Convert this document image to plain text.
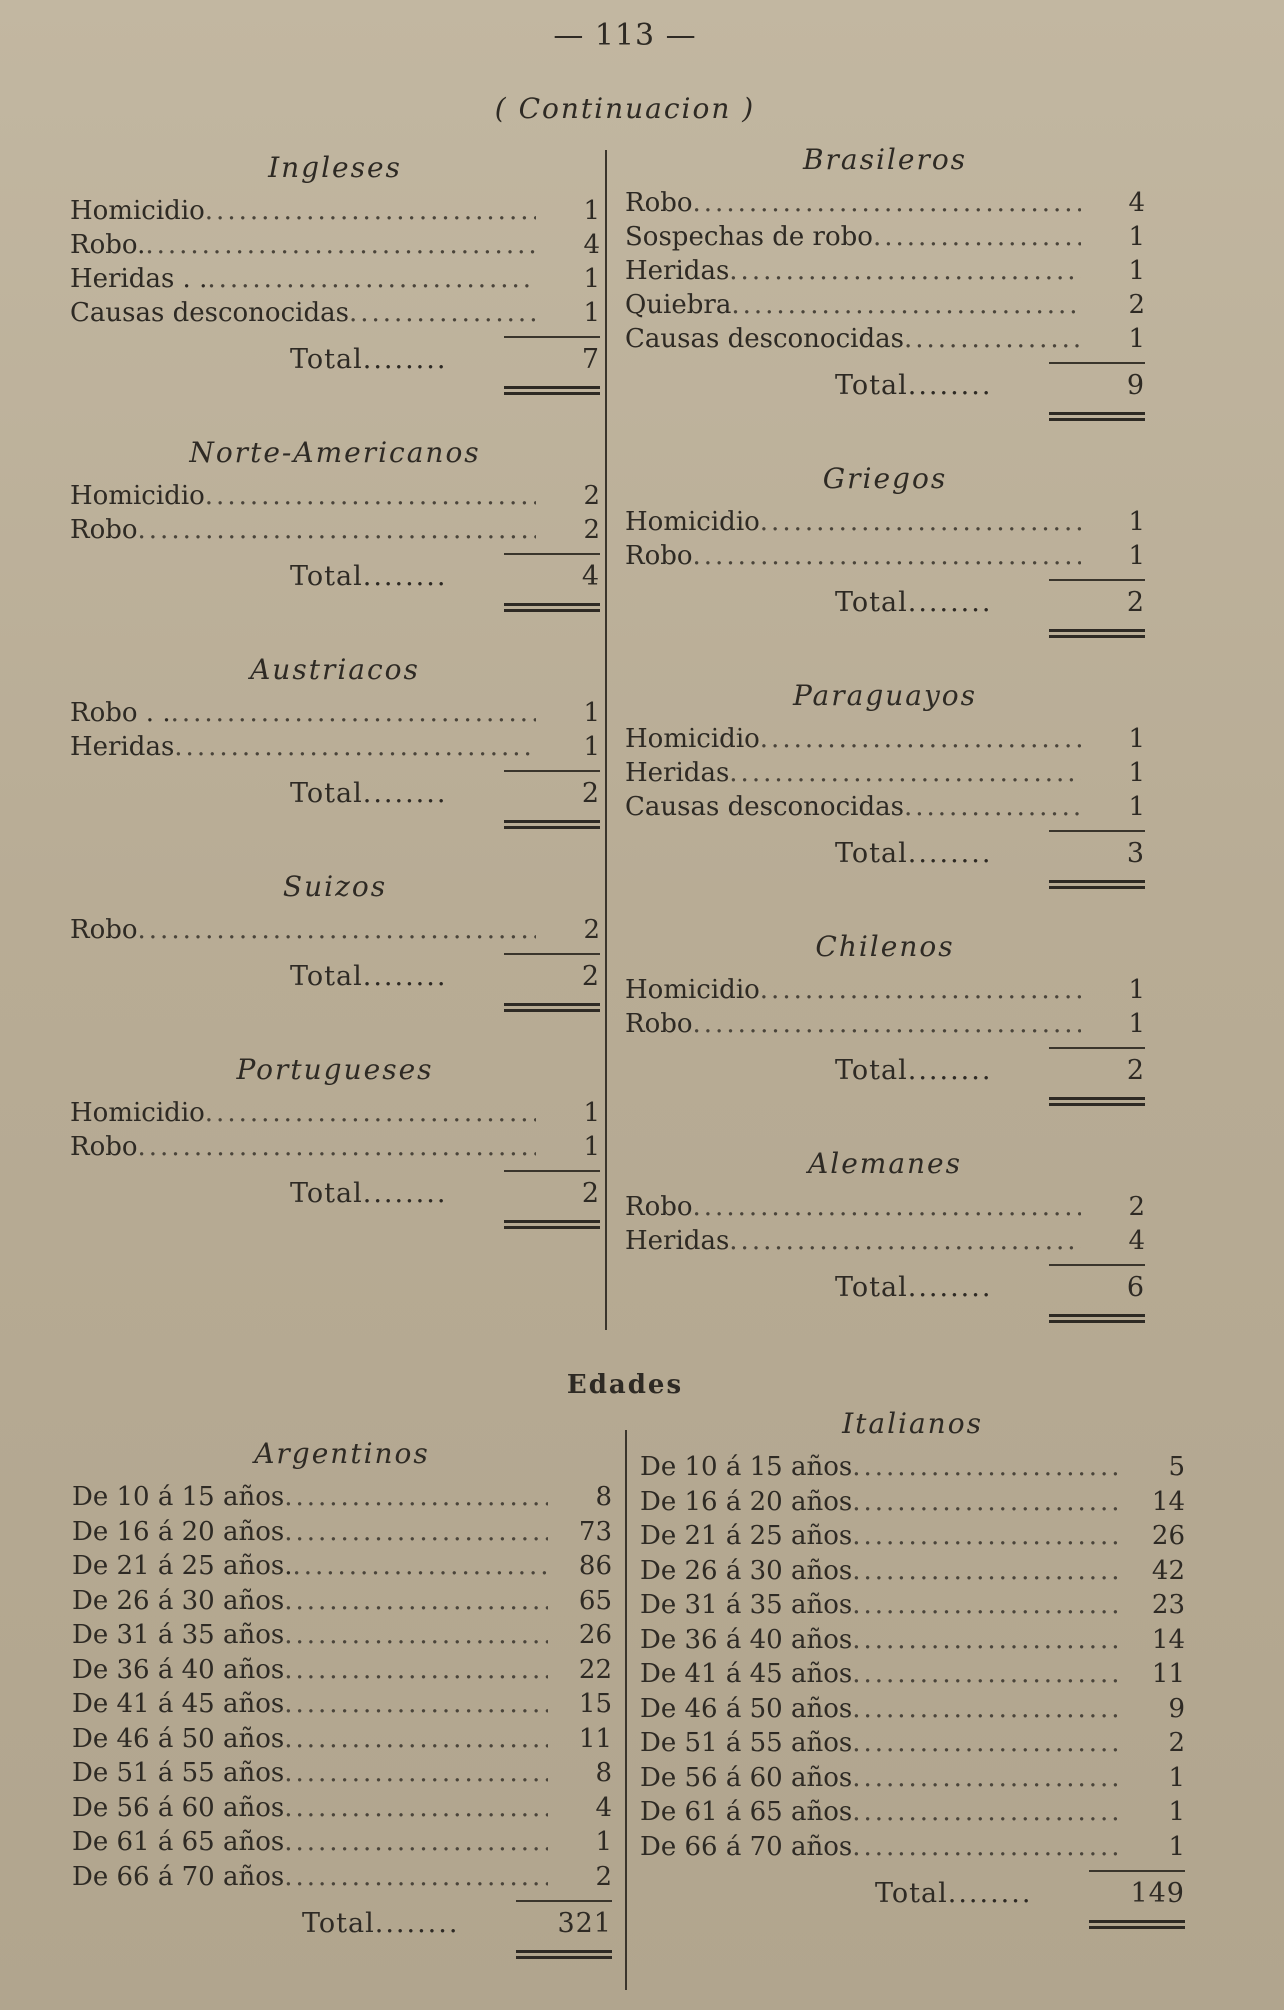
— 113 —
( Continuacion )
Ingleses
Homicidio .....	1
Robo. .....	4
Heridas . . .....	1
Causas desconocidas .....	1
Total ........	7
Norte-Americanos
Homicidio .....	2
Robo .....	2
Total ........	4
Austriacos
Robo . . .....	1
Heridas .....	1
Total ........	2
Suizos
Robo .....	2
Total ........	2
Portugueses
Homicidio .....	1
Robo .....	1
Total ........	2
Brasileros
Robo .....	4
Sospechas de robo .....	1
Heridas .....	1
Quiebra .....	2
Causas desconocidas .....	1
Total ........	9
Griegos
Homicidio .....	1
Robo .....	1
Total ........	2
Paraguayos
Homicidio .....	1
Heridas .....	1
Causas desconocidas .....	1
Total ........	3
Chilenos
Homicidio .....	1
Robo .....	1
Total ........	2
Alemanes
Robo .....	2
Heridas .....	4
Total ........	6
Edades
Argentinos
De 10 á 15 años .....	8
De 16 á 20 años .....	73
De 21 á 25 años. .....	86
De 26 á 30 años .....	65
De 31 á 35 años .....	26
De 36 á 40 años .....	22
De 41 á 45 años .....	15
De 46 á 50 años .....	11
De 51 á 55 años .....	8
De 56 á 60 años .....	4
De 61 á 65 años .....	1
De 66 á 70 años .....	2
Total ........	321
Italianos
De 10 á 15 años .....	5
De 16 á 20 años .....	14
De 21 á 25 años .....	26
De 26 á 30 años .....	42
De 31 á 35 años .....	23
De 36 á 40 años .....	14
De 41 á 45 años .....	11
De 46 á 50 años .....	9
De 51 á 55 años .....	2
De 56 á 60 años .....	1
De 61 á 65 años .....	1
De 66 á 70 años .....	1
Total ........	149
